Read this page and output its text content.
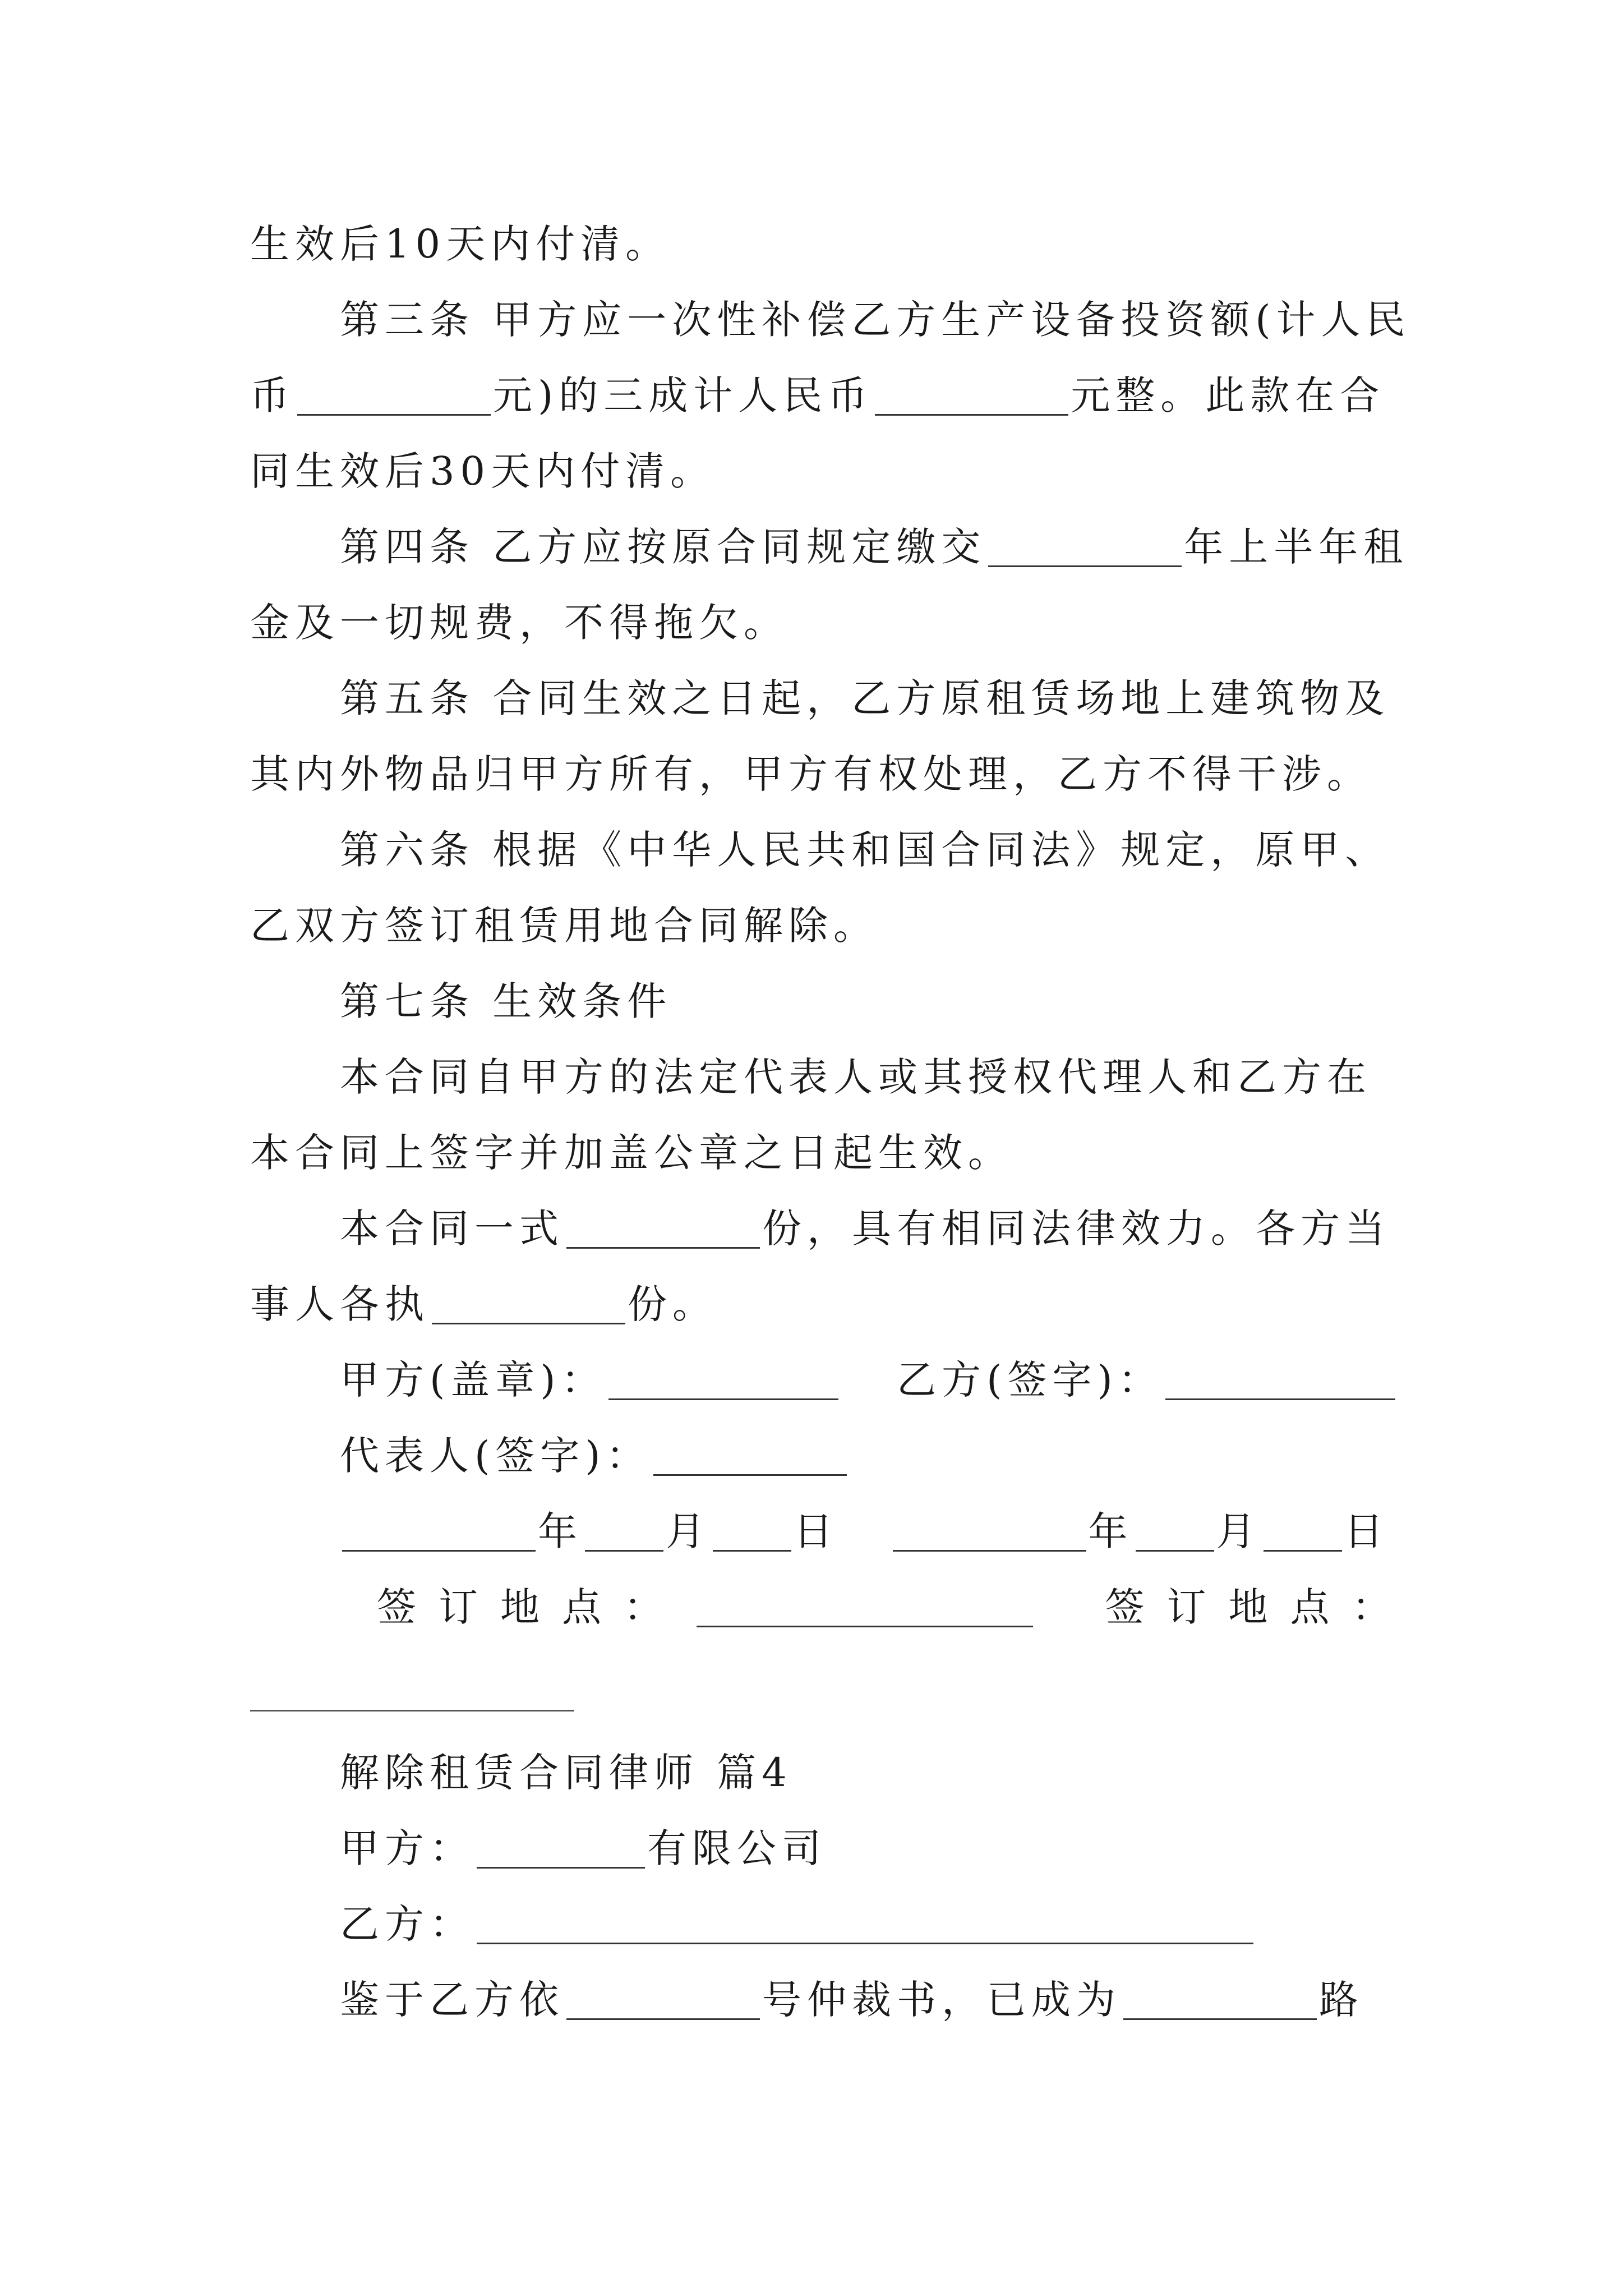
生效后10天内付清。
第三条 甲方应一次性补偿乙方生产设备投资额(计人民
币	元)的三成计人民币	元整。此款在合
同生效后30天内付清。
第四条 乙方应按原合同规定缴交	年上半年租
金及一切规费，不得拖欠。
第五条 合同生效之日起，乙方原租赁场地上建筑物及
其内外物品归甲方所有，甲方有权处理，乙方不得干涉。
第六条 根据《中华人民共和国合同法》规定，原甲、
乙双方签订租赁用地合同解除。
第七条 生效条件
本合同自甲方的法定代表人或其授权代理人和乙方在
本合同上签字并加盖公章之日起生效。
本合同一式	份，具有相同法律效力。各方当
事人各执	份。
甲方(盖章)：	乙方(签字)：
代表人(签字)：
年 月 日	年 月 日
签订地点：	签订地点：
解除租赁合同律师 篇4
甲方：	有限公司
乙方：
鉴于乙方依	号仲裁书，已成为	路
